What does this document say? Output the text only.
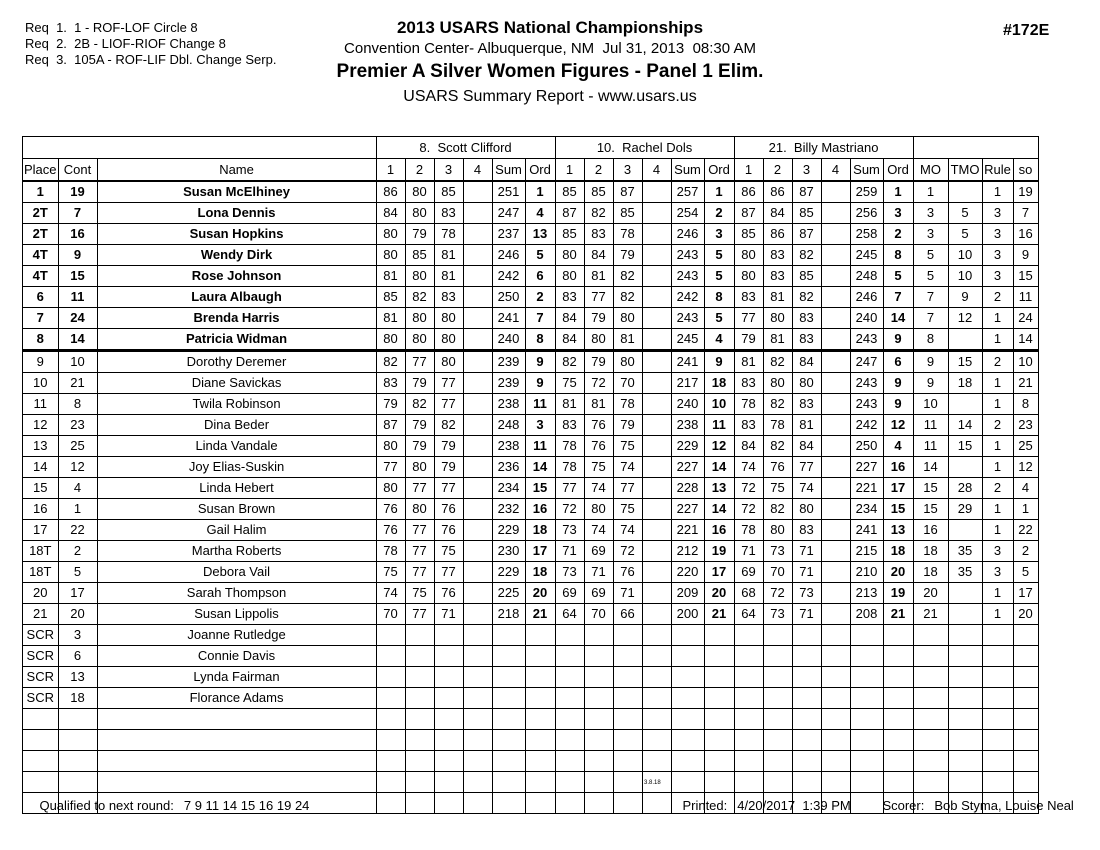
Req  1.  1 - ROF-LOF Circle 8
Req  2.  2B - LIOF-RIOF Change 8
Req  3.  105A - ROF-LIF Dbl. Change Serp.
2013 USARS National Championships
Convention Center- Albuquerque, NM  Jul 31, 2013  08:30 AM
Premier A Silver Women Figures - Panel 1 Elim.
USARS Summary Report - www.usars.us
#172E
			8.  Scott Clifford						10.  Rachel Dols						21.  Billy Mastriano									
Place	Cont	Name	1	2	3	4	Sum	Ord	1	2	3	4	Sum	Ord	1	2	3	4	Sum	Ord	MO	TMO	Rule	so
1	19	Susan McElhiney	86	80	85		251	1	85	85	87		257	1	86	86	87		259	1	1		1	19
2T	7	Lona Dennis	84	80	83		247	4	87	82	85		254	2	87	84	85		256	3	3	5	3	7
2T	16	Susan Hopkins	80	79	78		237	13	85	83	78		246	3	85	86	87		258	2	3	5	3	16
4T	9	Wendy Dirk	80	85	81		246	5	80	84	79		243	5	80	83	82		245	8	5	10	3	9
4T	15	Rose Johnson	81	80	81		242	6	80	81	82		243	5	80	83	85		248	5	5	10	3	15
6	11	Laura Albaugh	85	82	83		250	2	83	77	82		242	8	83	81	82		246	7	7	9	2	11
7	24	Brenda Harris	81	80	80		241	7	84	79	80		243	5	77	80	83		240	14	7	12	1	24
8	14	Patricia Widman	80	80	80		240	8	84	80	81		245	4	79	81	83		243	9	8		1	14
9	10	Dorothy Deremer	82	77	80		239	9	82	79	80		241	9	81	82	84		247	6	9	15	2	10
10	21	Diane Savickas	83	79	77		239	9	75	72	70		217	18	83	80	80		243	9	9	18	1	21
11	8	Twila Robinson	79	82	77		238	11	81	81	78		240	10	78	82	83		243	9	10		1	8
12	23	Dina Beder	87	79	82		248	3	83	76	79		238	11	83	78	81		242	12	11	14	2	23
13	25	Linda Vandale	80	79	79		238	11	78	76	75		229	12	84	82	84		250	4	11	15	1	25
14	12	Joy Elias-Suskin	77	80	79		236	14	78	75	74		227	14	74	76	77		227	16	14		1	12
15	4	Linda Hebert	80	77	77		234	15	77	74	77		228	13	72	75	74		221	17	15	28	2	4
16	1	Susan Brown	76	80	76		232	16	72	80	75		227	14	72	82	80		234	15	15	29	1	1
17	22	Gail Halim	76	77	76		229	18	73	74	74		221	16	78	80	83		241	13	16		1	22
18T	2	Martha Roberts	78	77	75		230	17	71	69	72		212	19	71	73	71		215	18	18	35	3	2
18T	5	Debora Vail	75	77	77		229	18	73	71	76		220	17	69	70	71		210	20	18	35	3	5
20	17	Sarah Thompson	74	75	76		225	20	69	69	71		209	20	68	72	73		213	19	20		1	17
21	20	Susan Lippolis	70	77	71		218	21	64	70	66		200	21	64	73	71		208	21	21		1	20
SCR	3	Joanne Rutledge																						
SCR	6	Connie Davis																						
SCR	13	Lynda Fairman																						
SCR	18	Florance Adams																						

Qualified to next round: 7 9 11 14 15 16 19 24

3.8.18

Printed: 4/20/2017  1:39 PM
	Scorer: Bob Styma, Louise Neal
